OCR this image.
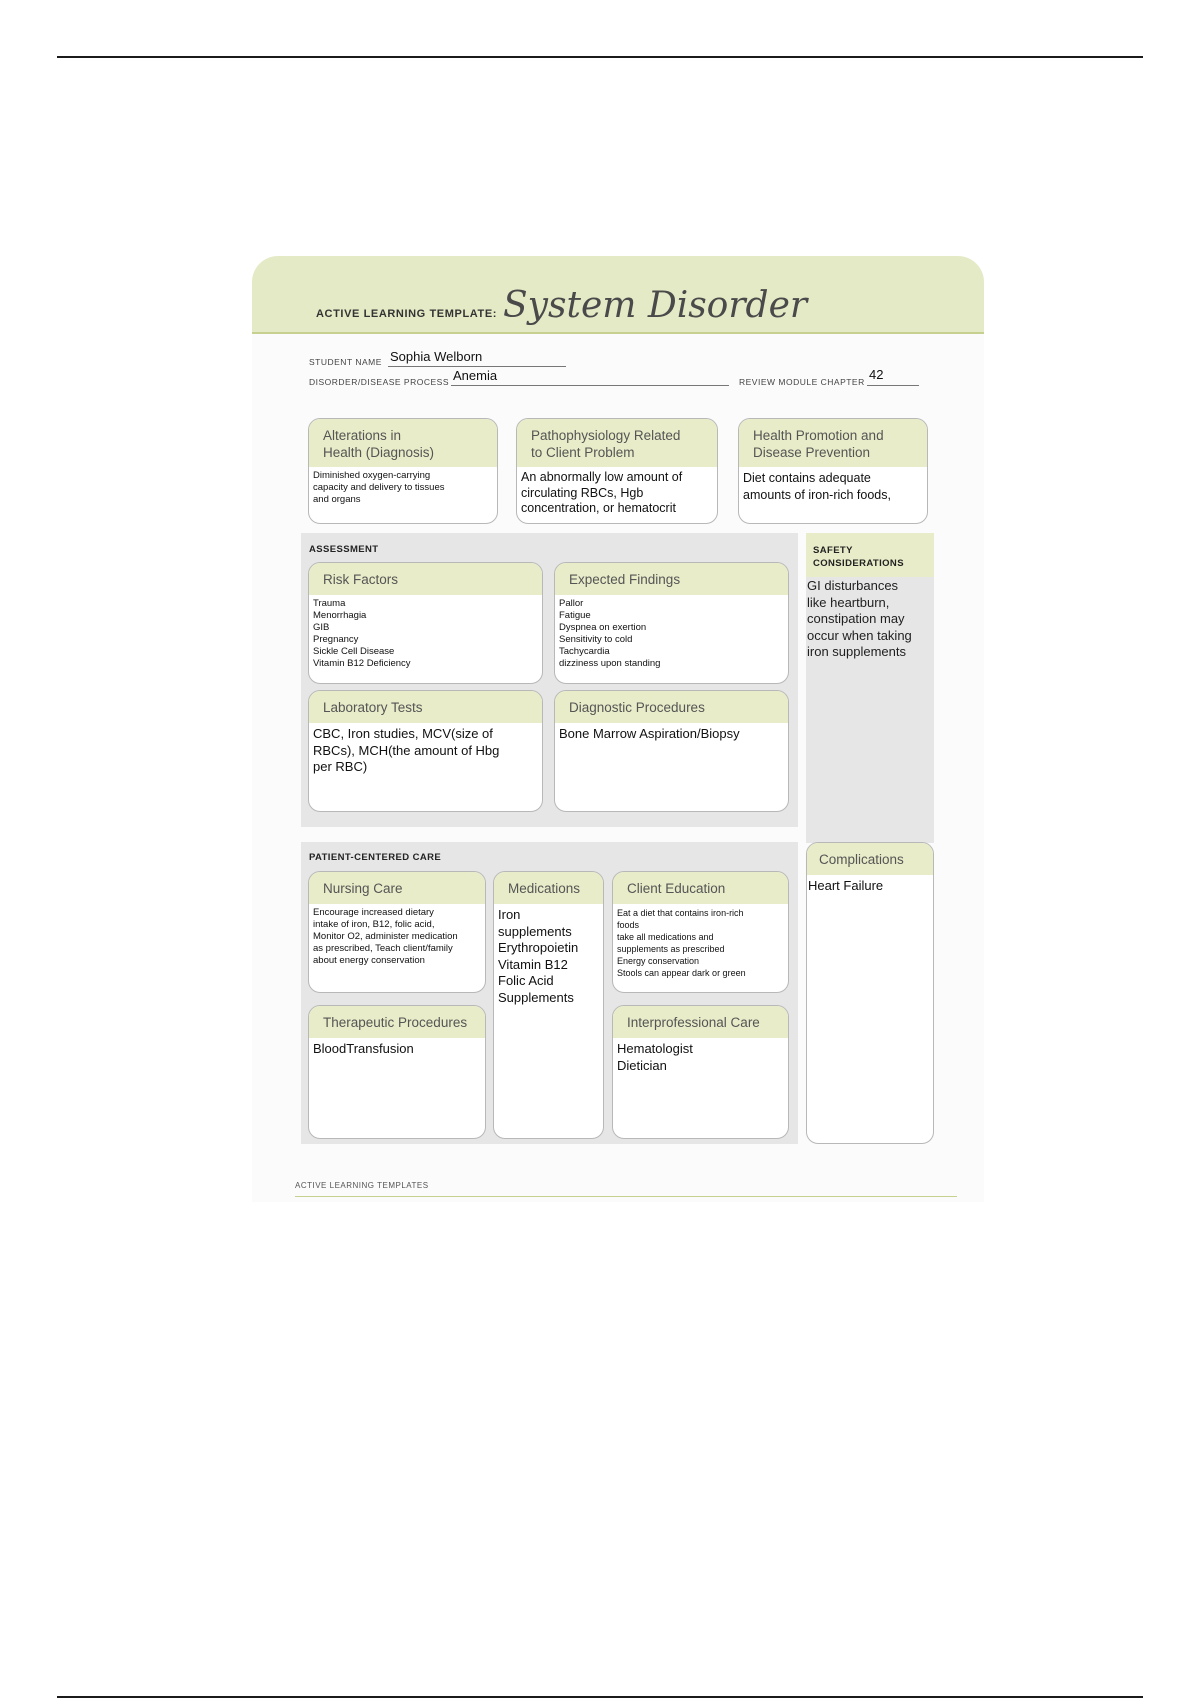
ACTIVE LEARNING TEMPLATE: System Disorder
STUDENT NAME Sophia Welborn
DISORDER/DISEASE PROCESS Anemia	REVIEW MODULE CHAPTER 42
Alterations in
Health (Diagnosis)
Diminished oxygen-carrying
capacity and delivery to tissues
and organs
Pathophysiology Related
to Client Problem
An abnormally low amount of
circulating RBCs, Hgb
concentration, or hematocrit
Health Promotion and
Disease Prevention
Diet contains adequate
amounts of iron-rich foods,
ASSESSMENT
Risk Factors
Trauma
Menorrhagia
GIB
Pregnancy
Sickle Cell Disease
Vitamin B12 Deficiency
Expected Findings
Pallor
Fatigue
Dyspnea on exertion
Sensitivity to cold
Tachycardia
dizziness upon standing
Laboratory Tests
CBC, Iron studies, MCV(size of
RBCs), MCH(the amount of Hbg
per RBC)
Diagnostic Procedures
Bone Marrow Aspiration/Biopsy
SAFETY
CONSIDERATIONS
GI disturbances
like heartburn,
constipation may
occur when taking
iron supplements
PATIENT-CENTERED CARE
Nursing Care
Encourage increased dietary
intake of iron, B12, folic acid,
Monitor O2, administer medication
as prescribed, Teach client/family
about energy conservation
Medications
Iron
supplements
Erythropoietin
Vitamin B12
Folic Acid
Supplements
Client Education
Eat a diet that contains iron-rich
foods
take all medications and
supplements as prescribed
Energy conservation
Stools can appear dark or green
Therapeutic Procedures
BloodTransfusion
Interprofessional Care
Hematologist
Dietician
Complications
Heart Failure
ACTIVE LEARNING TEMPLATES
